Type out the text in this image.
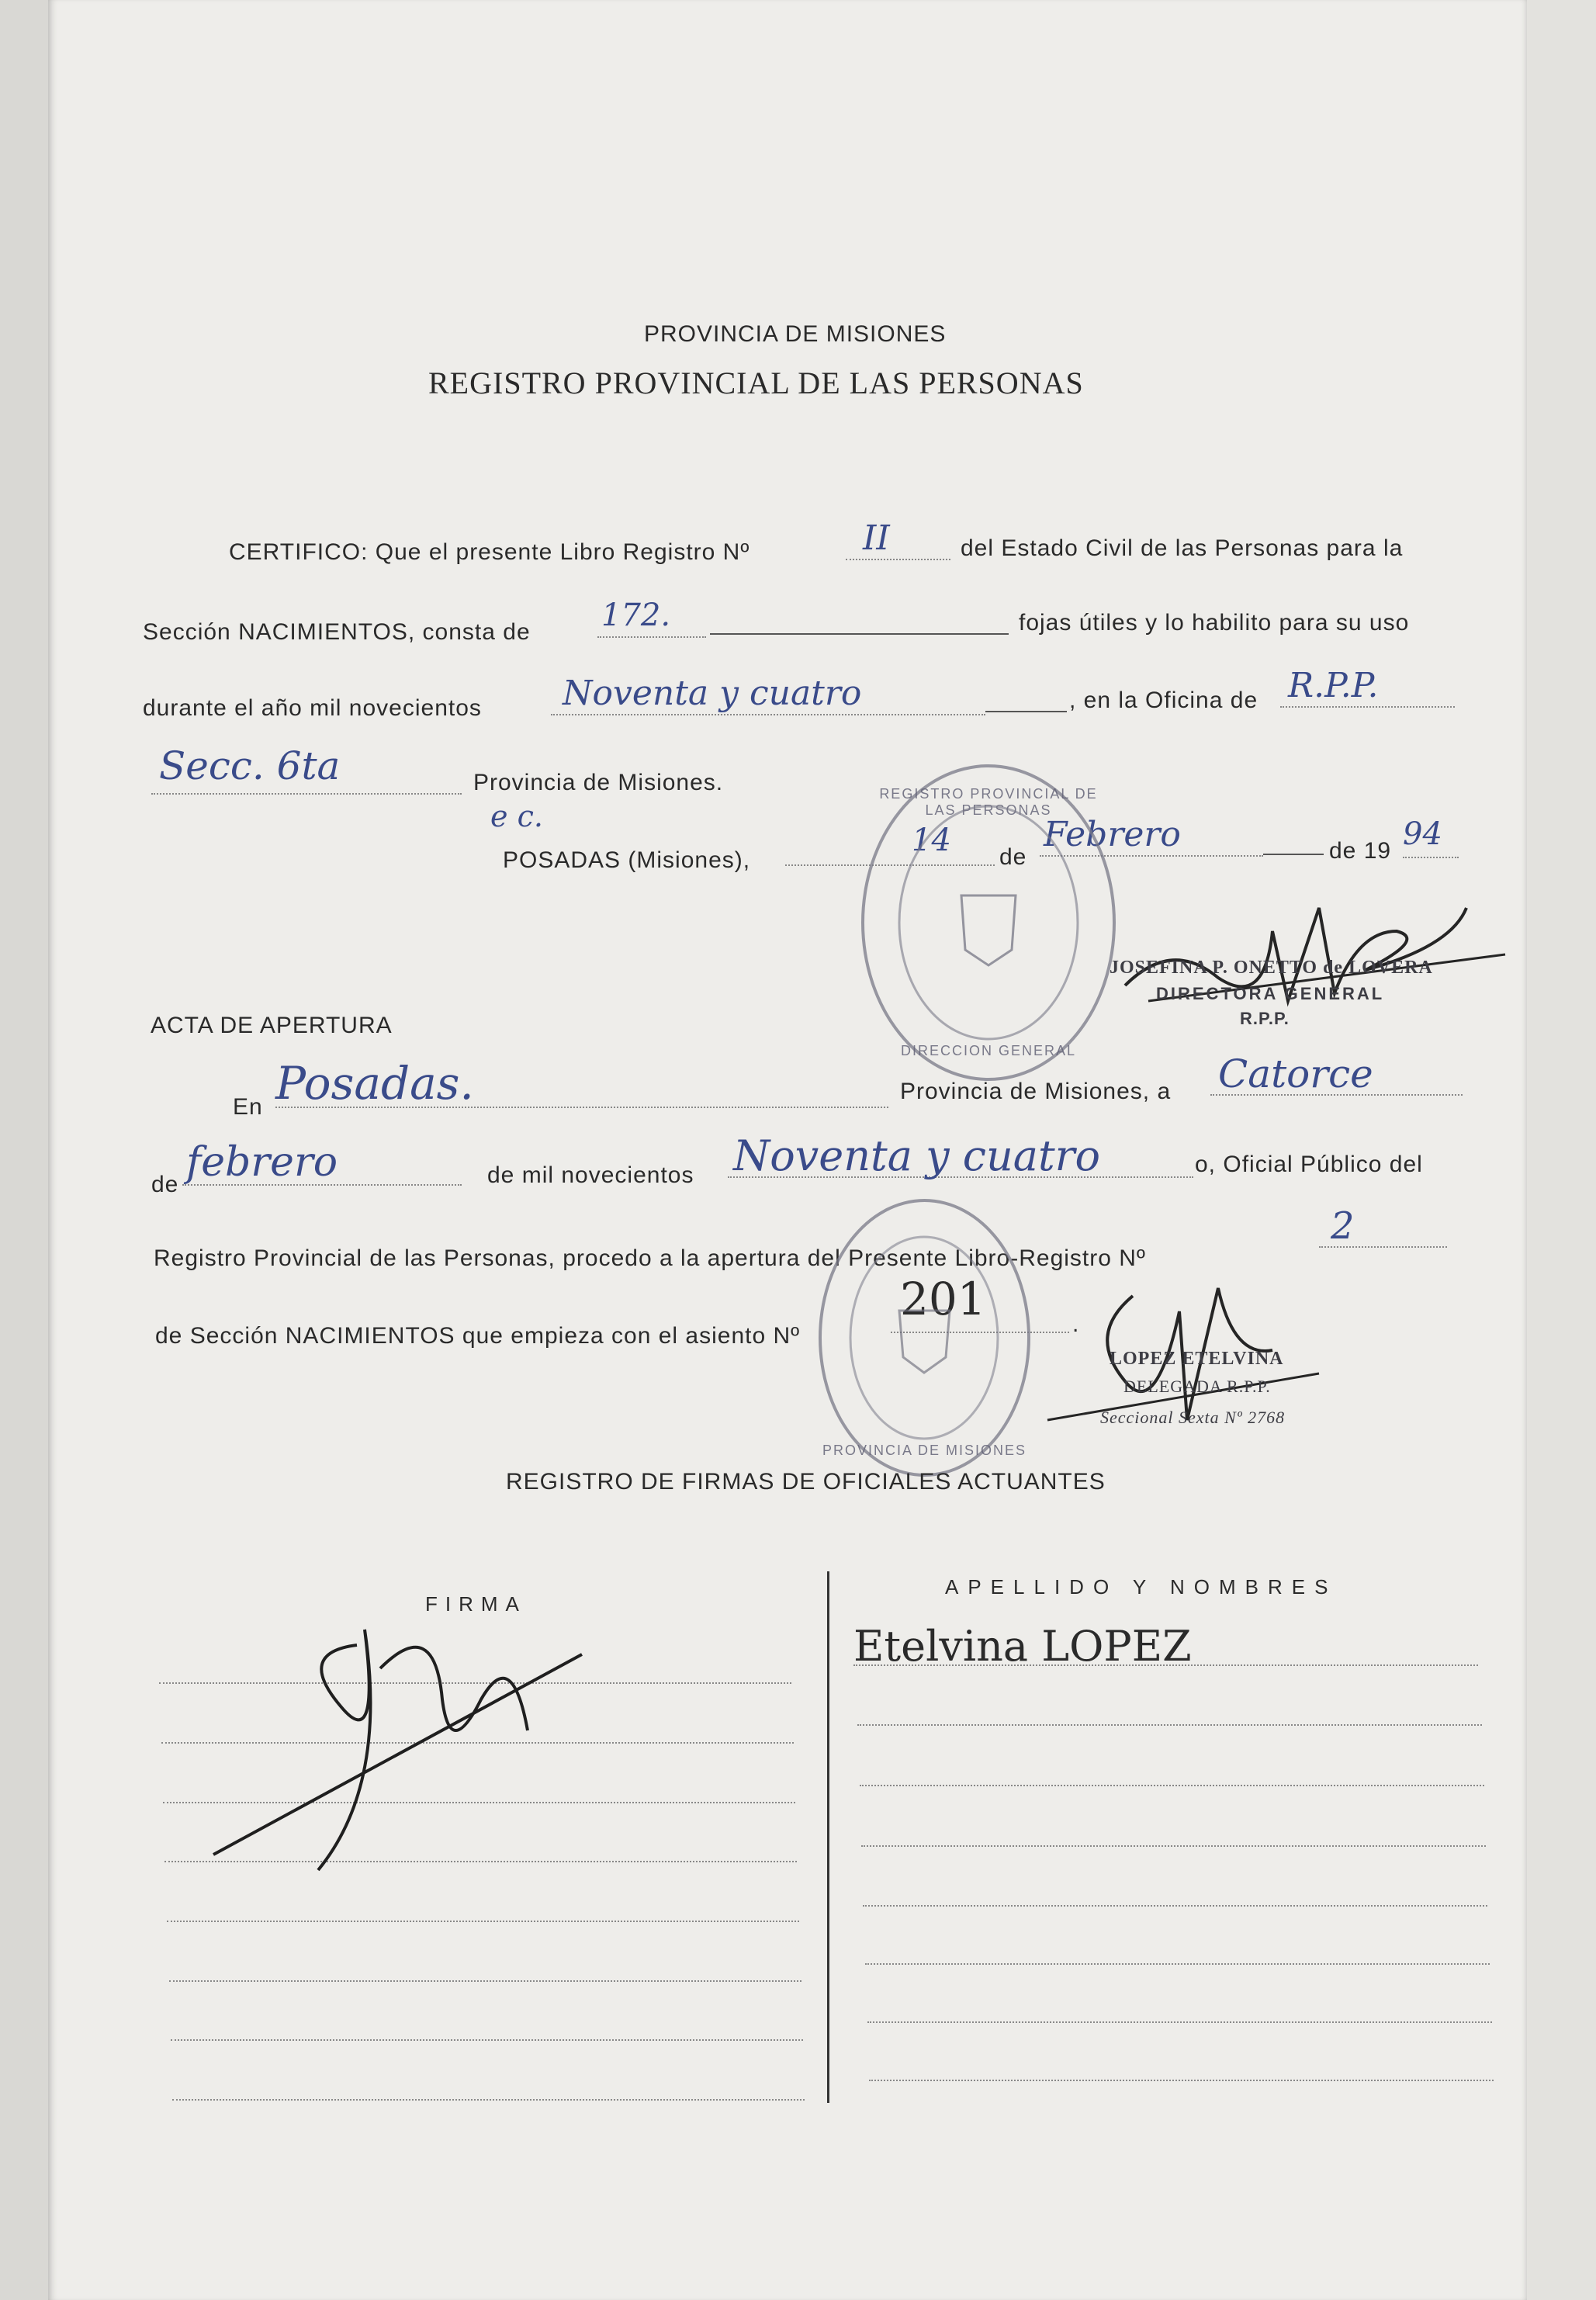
PROVINCIA DE MISIONES
REGISTRO PROVINCIAL DE LAS PERSONAS
CERTIFICO: Que el presente Libro Registro Nº	II	del Estado Civil de las Personas para la
Sección NACIMIENTOS, consta de 172.	fojas útiles y lo habilito para su uso
durante el año mil novecientos Noventa y cuatro	, en la Oficina de R.P.P.
Secc. 6ta	Provincia de Misiones.
e c.
POSADAS (Misiones),
14 de
Febrero	de 19 94
REGISTRO PROVINCIAL DE LAS PERSONAS
DIRECCION GENERAL
JOSEFINA P. ONETTO de LOVERA
DIRECTORA GENERAL
R.P.P.
ACTA DE APERTURA
En Posadas.	Provincia de Misiones, a Catorce
de febrero	de mil novecientos Noventa y cuatro	o, Oficial Público del
Registro Provincial de las Personas, procedo a la apertura del Presente Libro-Registro Nº
2
de Sección NACIMIENTOS que empieza con el asiento Nº
201	.
PROVINCIA DE MISIONES
LOPEZ ETELVINA
DELEGADA R.P.P.
Seccional Sexta Nº 2768
REGISTRO DE FIRMAS DE OFICIALES ACTUANTES
FIRMA
APELLIDO Y NOMBRES
Etelvina LOPEZ
